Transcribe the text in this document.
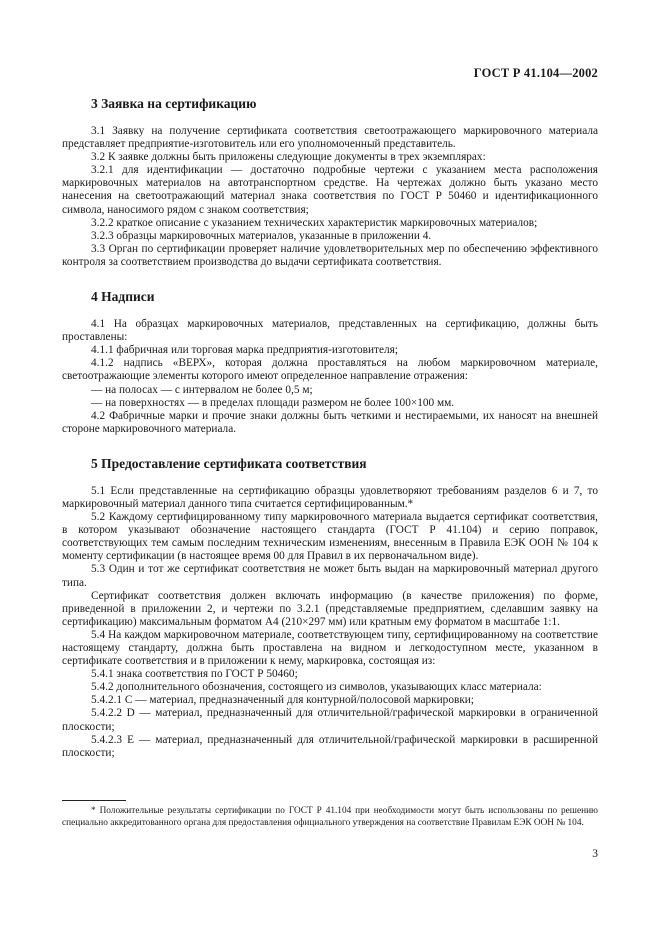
ГОСТ Р 41.104—2002
3 Заявка на сертификацию

3.1 Заявку на получение сертификата соответствия светоотражающего маркировочного материала представляет предприятие-изготовитель или его уполномоченный представитель.

3.2 К заявке должны быть приложены следующие документы в трех экземплярах:

3.2.1 для идентификации — достаточно подробные чертежи с указанием места расположения маркировочных материалов на автотранспортном средстве. На чертежах должно быть указано место нанесения на светоотражающий материал знака соответствия по ГОСТ Р 50460 и идентификационного символа, наносимого рядом с знаком соответствия;

3.2.2 краткое описание с указанием технических характеристик маркировочных материалов;

3.2.3 образцы маркировочных материалов, указанные в приложении 4.

3.3 Орган по сертификации проверяет наличие удовлетворительных мер по обеспечению эффективного контроля за соответствием производства до выдачи сертификата соответствия.

4 Надписи

4.1 На образцах маркировочных материалов, представленных на сертификацию, должны быть проставлены:

4.1.1 фабричная или торговая марка предприятия-изготовителя;

4.1.2 надпись «ВЕРХ», которая должна проставляться на любом маркировочном материале, светоотражающие элементы которого имеют определенное направление отражения:

— на полосах — с интервалом не более 0,5 м;

— на поверхностях — в пределах площади размером не более 100×100 мм.

4.2 Фабричные марки и прочие знаки должны быть четкими и нестираемыми, их наносят на внешней стороне маркировочного материала.

5 Предоставление сертификата соответствия

5.1 Если представленные на сертификацию образцы удовлетворяют требованиям разделов 6 и 7, то маркировочный материал данного типа считается сертифицированным.*

5.2 Каждому сертифицированному типу маркировочного материала выдается сертификат соответствия, в котором указывают обозначение настоящего стандарта (ГОСТ Р 41.104) и серию поправок, соответствующих тем самым последним техническим изменениям, внесенным в Правила ЕЭК ООН № 104 к моменту сертификации (в настоящее время 00 для Правил в их первоначальном виде).

5.3 Один и тот же сертификат соответствия не может быть выдан на маркировочный материал другого типа.

Сертификат соответствия должен включать информацию (в качестве приложения) по форме, приведенной в приложении 2, и чертежи по 3.2.1 (представляемые предприятием, сделавшим заявку на сертификацию) максимальным форматом А4 (210×297 мм) или кратным ему форматом в масштабе 1:1.

5.4 На каждом маркировочном материале, соответствующем типу, сертифицированному на соответствие настоящему стандарту, должна быть проставлена на видном и легкодоступном месте, указанном в сертификате соответствия и в приложении к нему, маркировка, состоящая из:

5.4.1 знака соответствия по ГОСТ Р 50460;

5.4.2 дополнительного обозначения, состоящего из символов, указывающих класс материала:

5.4.2.1 С — материал, предназначенный для контурной/полосовой маркировки;

5.4.2.2 D — материал, предназначенный для отличительной/графической маркировки в ограниченной плоскости;

5.4.2.3 Е — материал, предназначенный для отличительной/графической маркировки в расширенной плоскости;

* Положительные результаты сертификации по ГОСТ Р 41.104 при необходимости могут быть использованы по решению специально аккредитованного органа для предоставления официального утверждения на соответствие Правилам ЕЭК ООН № 104.

3
